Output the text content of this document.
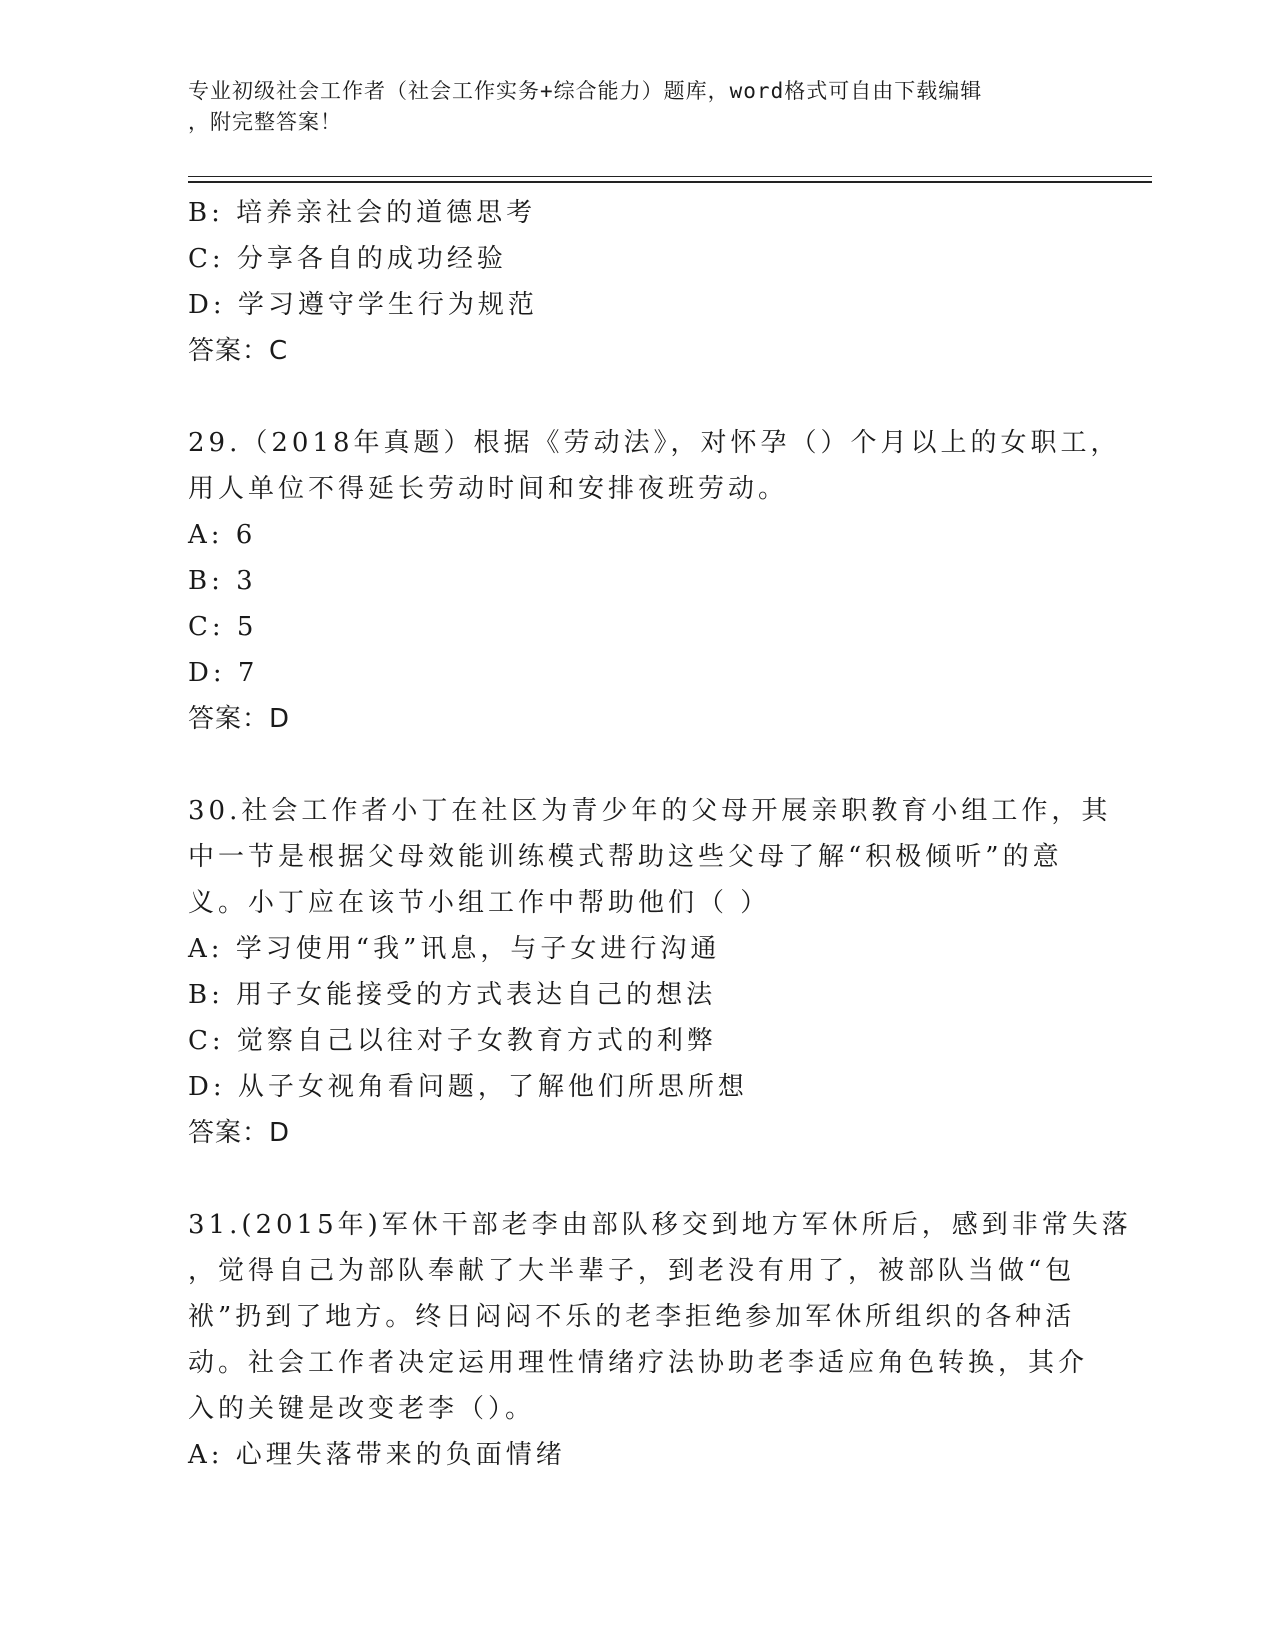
专业初级社会工作者（社会工作实务+综合能力）题库，word格式可自由下载编辑
，附完整答案！
B: 培养亲社会的道德思考
C: 分享各自的成功经验
D: 学习遵守学生行为规范
答案：C
29.（2018年真题）根据《劳动法》，对怀孕（）个月以上的女职工，
用人单位不得延长劳动时间和安排夜班劳动。
A: 6
B: 3
C: 5
D: 7
答案：D
30.社会工作者小丁在社区为青少年的父母开展亲职教育小组工作，其
中一节是根据父母效能训练模式帮助这些父母了解“积极倾听”的意
义。小丁应在该节小组工作中帮助他们（ ）
A: 学习使用“我”讯息，与子女进行沟通
B: 用子女能接受的方式表达自己的想法
C: 觉察自己以往对子女教育方式的利弊
D: 从子女视角看问题，了解他们所思所想
答案：D
31.(2015年)军休干部老李由部队移交到地方军休所后，感到非常失落
，觉得自己为部队奉献了大半辈子，到老没有用了，被部队当做“包
袱”扔到了地方。终日闷闷不乐的老李拒绝参加军休所组织的各种活
动。社会工作者决定运用理性情绪疗法协助老李适应角色转换，其介
入的关键是改变老李（）。
A: 心理失落带来的负面情绪
